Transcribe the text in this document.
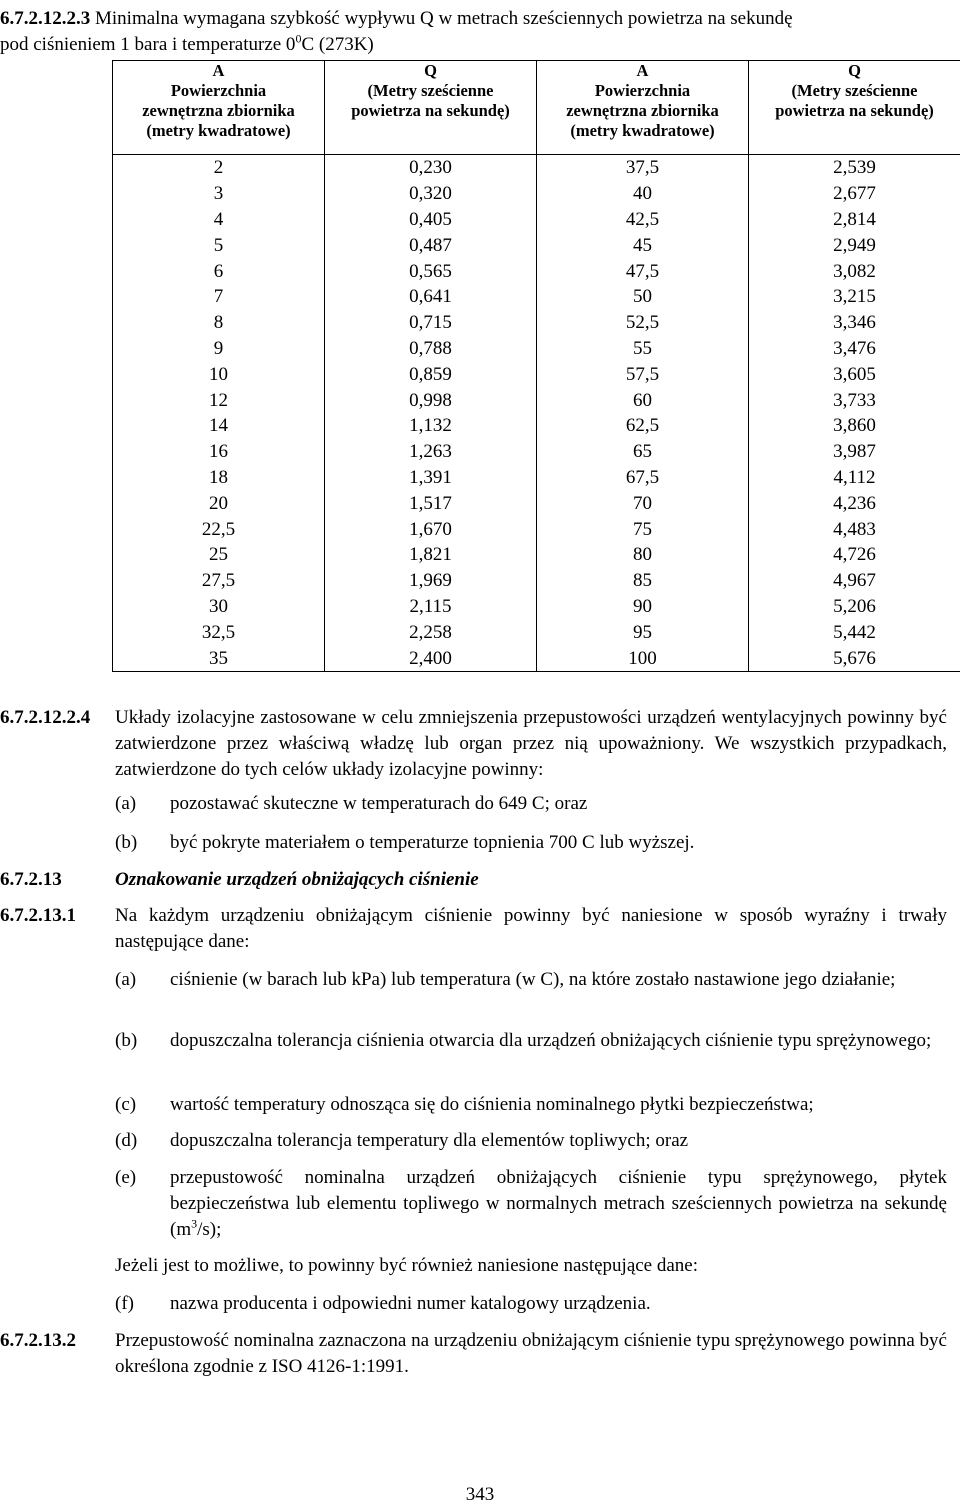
6.7.2.12.2.3 Minimalna wymagana szybkość wypływu Q w metrach sześciennych powietrza na sekundę
pod ciśnieniem 1 bara i temperaturze $0^0C$ (273K)
A
Powierzchnia
zewnętrzna zbiornika
(metry kwadratowe)	Q
(Metry sześcienne
powietrza na sekundę)	A
Powierzchnia
zewnętrzna zbiornika
(metry kwadratowe)	Q
(Metry sześcienne
powietrza na sekundę)

2	0,230	37,5	2,539
3	0,320	40	2,677
4	0,405	42,5	2,814
5	0,487	45	2,949
6	0,565	47,5	3,082
7	0,641	50	3,215
8	0,715	52,5	3,346
9	0,788	55	3,476
10	0,859	57,5	3,605
12	0,998	60	3,733
14	1,132	62,5	3,860
16	1,263	65	3,987
18	1,391	67,5	4,112
20	1,517	70	4,236
22,5	1,670	75	4,483
25	1,821	80	4,726
27,5	1,969	85	4,967
30	2,115	90	5,206
32,5	2,258	95	5,442
35	2,400	100	5,676
6.7.2.12.2.4 Układy izolacyjne zastosowane w celu zmniejszenia przepustowości urządzeń wentylacyjnych powinny być zatwierdzone przez właściwą władzę lub organ przez nią upoważniony. We wszystkich przypadkach, zatwierdzone do tych celów układy izolacyjne powinny:
(a) pozostawać skuteczne w temperaturach do 649 C; oraz
(b) być pokryte materiałem o temperaturze topnienia 700 C lub wyższej.
6.7.2.13	Oznakowanie urządzeń obniżających ciśnienie
6.7.2.13.1 Na każdym urządzeniu obniżającym ciśnienie powinny być naniesione w sposób wyraźny i trwały następujące dane:
(a) ciśnienie (w barach lub kPa) lub temperatura (w C), na które zostało nastawione jego działanie;
(b) dopuszczalna tolerancja ciśnienia otwarcia dla urządzeń obniżających ciśnienie typu sprężynowego;
(c) wartość temperatury odnosząca się do ciśnienia nominalnego płytki bezpieczeństwa;
(d) dopuszczalna tolerancja temperatury dla elementów topliwych; oraz
(e) przepustowość nominalna urządzeń obniżających ciśnienie typu sprężynowego, płytek bezpieczeństwa lub elementu topliwego w normalnych metrach sześciennych powietrza na sekundę $(m^3/s)$;
Jeżeli jest to możliwe, to powinny być również naniesione następujące dane:
(f) nazwa producenta i odpowiedni numer katalogowy urządzenia.
6.7.2.13.2 Przepustowość nominalna zaznaczona na urządzeniu obniżającym ciśnienie typu sprężynowego powinna być określona zgodnie z ISO 4126-1:1991.
343
